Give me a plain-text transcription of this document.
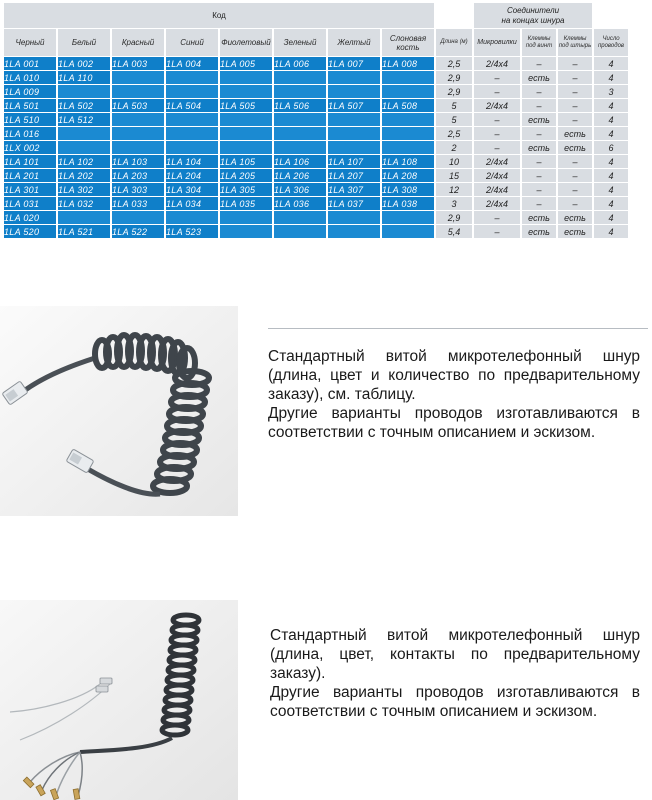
Код									Соединители
на концах шнура			

Черный	Белый	Красный	Синий	Фиолетовый	Зеленый	Желтый	Слоновая кость	Длина (м)	Микровилки	Клеммы под винт	Клеммы под штырь	Число проводов
1LA 001	1LA 002	1LA 003	1LA 004	1LA 005	1LA 006	1LA 007	1LA 008	2,5	2/4x4	–	–	4
1LA 010	1LA 110							2,9	–	есть	–	4
1LA 009								2,9	–	–	–	3
1LA 501	1LA 502	1LA 503	1LA 504	1LA 505	1LA 506	1LA 507	1LA 508	5	2/4x4	–	–	4
1LA 510	1LA 512							5	–	есть	–	4
1LA 016								2,5	–	–	есть	4
1LX 002								2	–	есть	есть	6
1LA 101	1LA 102	1LA 103	1LA 104	1LA 105	1LA 106	1LA 107	1LA 108	10	2/4x4	–	–	4
1LA 201	1LA 202	1LA 203	1LA 204	1LA 205	1LA 206	1LA 207	1LA 208	15	2/4x4	–	–	4
1LA 301	1LA 302	1LA 303	1LA 304	1LA 305	1LA 306	1LA 307	1LA 308	12	2/4x4	–	–	4
1LA 031	1LA 032	1LA 033	1LA 034	1LA 035	1LA 036	1LA 037	1LA 038	3	2/4x4	–	–	4
1LA 020								2,9	–	есть	есть	4
1LA 520	1LA 521	1LA 522	1LA 523					5,4	–	есть	есть	4

Стандартный витой микротелефонный шнур (длина, цвет и количество по предварительному заказу), см. таблицу.

Другие варианты проводов изготавливаются в соответствии с точным описанием и эскизом.

Стандартный витой микротелефонный шнур (длина, цвет, контакты по предварительному заказу).

Другие варианты проводов изготавливаются в соответствии с точным описанием и эскизом.
